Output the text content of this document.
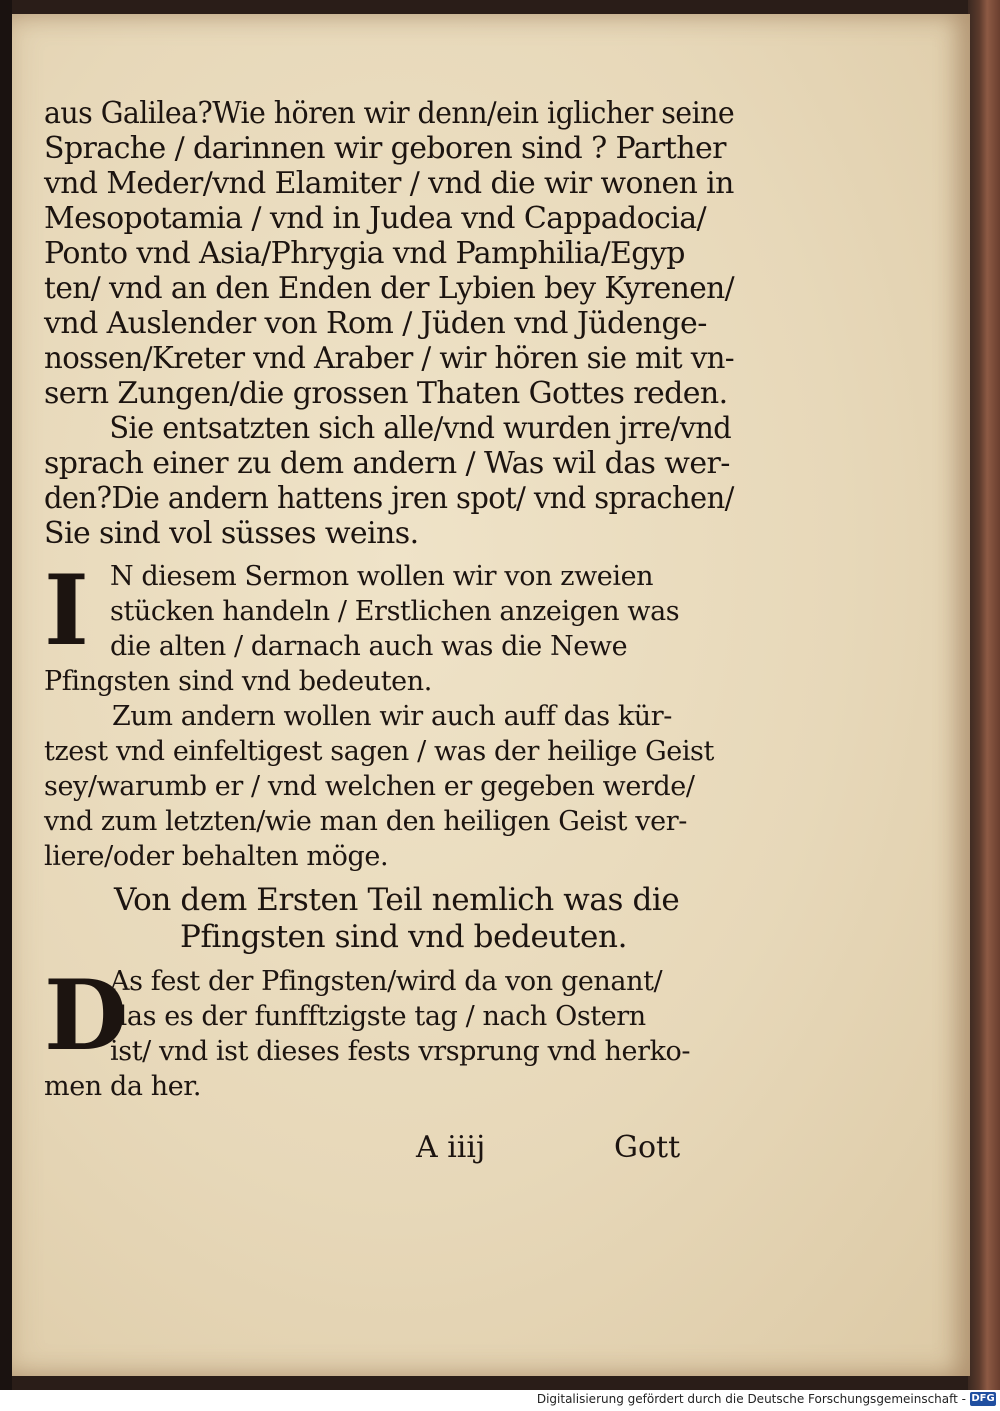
aus Galilea?Wie hören wir denn/ein iglicher seine
Sprache / darinnen wir geboren sind ? Parther
vnd Meder/vnd Elamiter / vnd die wir wonen in
Mesopotamia / vnd in Judea vnd Cappadocia/
Ponto vnd Asia/Phrygia vnd Pamphilia/Egyp
ten/ vnd an den Enden der Lybien bey Kyrenen/
vnd Auslender von Rom / Jüden vnd Jüdenge-
nossen/Kreter vnd Araber / wir hören sie mit vn-
sern Zungen/die grossen Thaten Gottes reden.
Sie entsatzten sich alle/vnd wurden jrre/vnd
sprach einer zu dem andern / Was wil das wer-
den?Die andern hattens jren spot/ vnd sprachen/
Sie sind vol süsses weins.
I N diesem Sermon wollen wir von zweien
stücken handeln / Erstlichen anzeigen was
die alten / darnach auch was die Newe
Pfingsten sind vnd bedeuten.
Zum andern wollen wir auch auff das kür-
tzest vnd einfeltigest sagen / was der heilige Geist
sey/warumb er / vnd welchen er gegeben werde/
vnd zum letzten/wie man den heiligen Geist ver-
liere/oder behalten möge.
Von dem Ersten Teil nemlich was die
Pfingsten sind vnd bedeuten.
D
As fest der Pfingsten/wird da von genant/
das es der funfftzigste tag / nach Ostern
ist/ vnd ist dieses fests vrsprung vnd herko-
men da her.
A iiij	Gott
Digitalisierung gefördert durch die Deutsche Forschungsgemeinschaft - DFG
